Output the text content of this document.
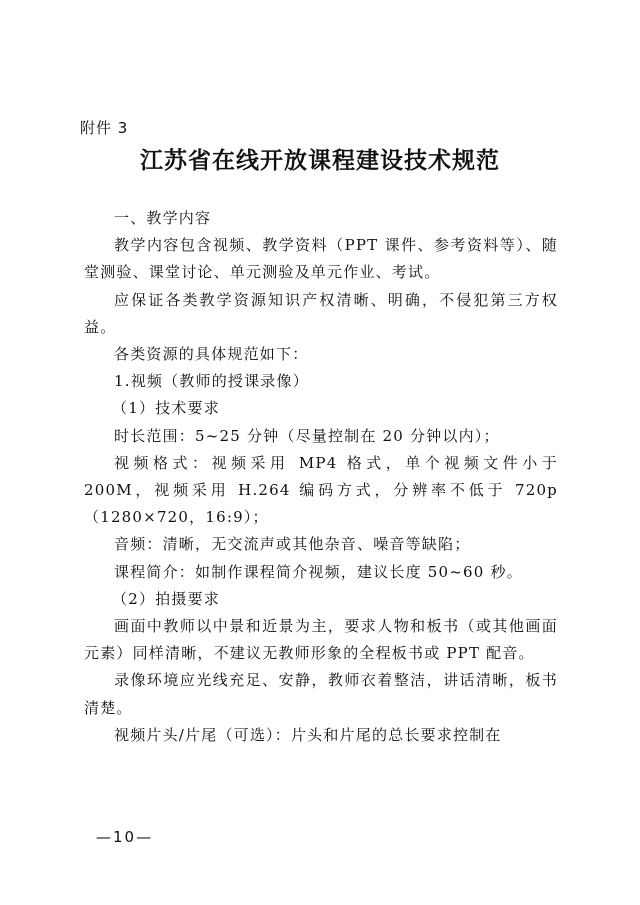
附件 3
江苏省在线开放课程建设技术规范

一、教学内容

教学内容包含视频、教学资料（PPT 课件、参考资料等）、随堂测验、课堂讨论、单元测验及单元作业、考试。

应保证各类教学资源知识产权清晰、明确，不侵犯第三方权益。

各类资源的具体规范如下：

1.视频（教师的授课录像）

（1）技术要求

时长范围：5~25 分钟（尽量控制在 20 分钟以内）；

视频格式：视频采用 MP4 格式，单个视频文件小于 200M，视频采用 H.264 编码方式，分辨率不低于 720p（1280×720，16:9）；

音频：清晰，无交流声或其他杂音、噪音等缺陷；

课程简介：如制作课程简介视频，建议长度 50~60 秒。

（2）拍摄要求

画面中教师以中景和近景为主，要求人物和板书（或其他画面元素）同样清晰，不建议无教师形象的全程板书或 PPT 配音。

录像环境应光线充足、安静，教师衣着整洁，讲话清晰，板书清楚。

视频片头/片尾（可选）：片头和片尾的总长要求控制在

—10—
